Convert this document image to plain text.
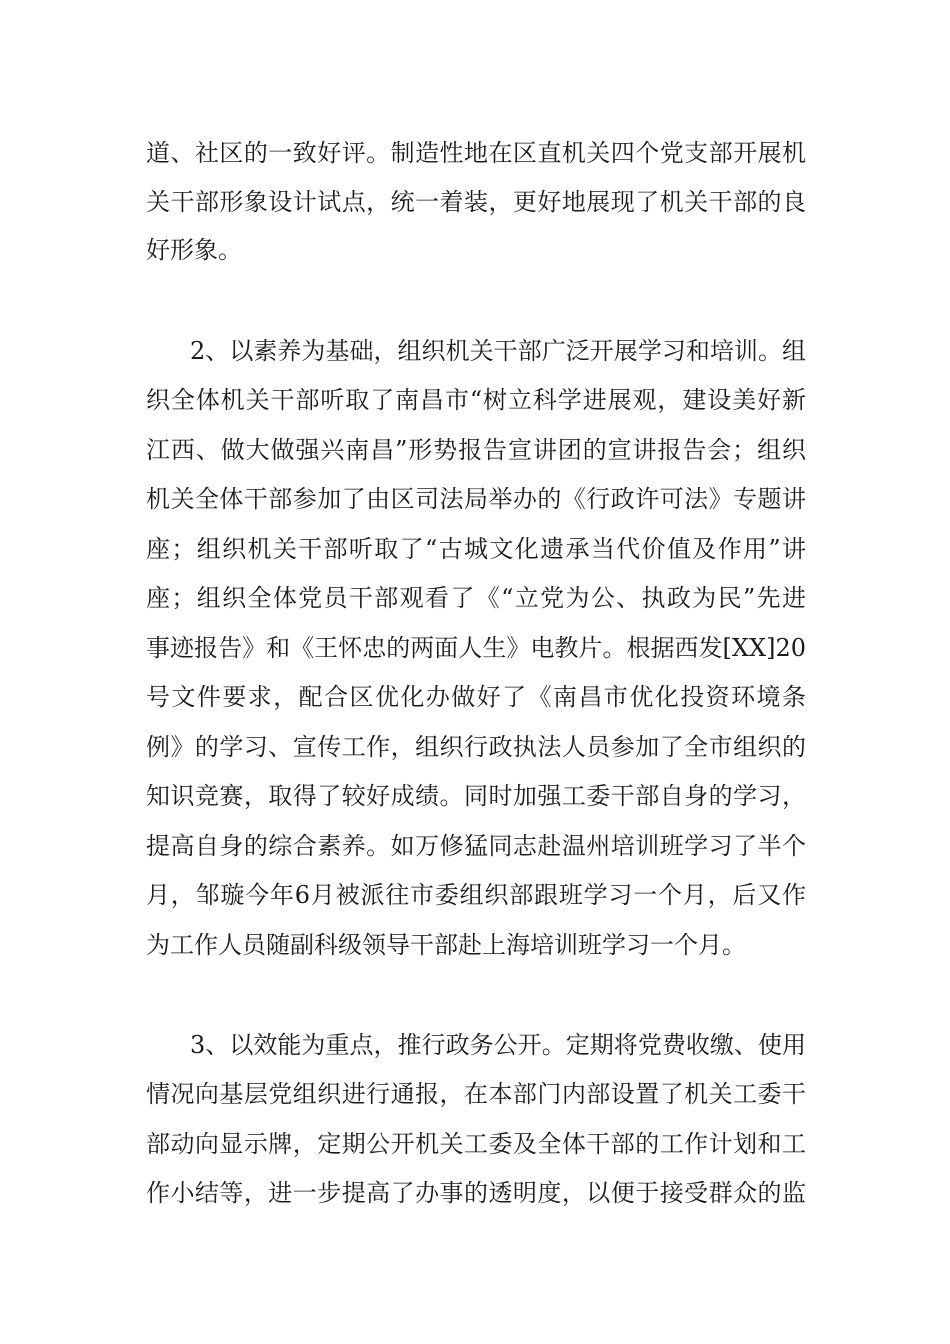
道、社区的一致好评。制造性地在区直机关四个党支部开展机
关干部形象设计试点，统一着装，更好地展现了机关干部的良
好形象。
2、以素养为基础，组织机关干部广泛开展学习和培训。组
织全体机关干部听取了南昌市“树立科学进展观，建设美好新
江西、做大做强兴南昌”形势报告宣讲团的宣讲报告会；组织
机关全体干部参加了由区司法局举办的《行政许可法》专题讲
座；组织机关干部听取了“古城文化遗承当代价值及作用”讲
座；组织全体党员干部观看了《“立党为公、执政为民”先进
事迹报告》和《王怀忠的两面人生》电教片。根据西发[XX]20
号文件要求，配合区优化办做好了《南昌市优化投资环境条
例》的学习、宣传工作，组织行政执法人员参加了全市组织的
知识竞赛，取得了较好成绩。同时加强工委干部自身的学习，
提高自身的综合素养。如万修猛同志赴温州培训班学习了半个
月，邹璇今年6月被派往市委组织部跟班学习一个月，后又作
为工作人员随副科级领导干部赴上海培训班学习一个月。
3、以效能为重点，推行政务公开。定期将党费收缴、使用
情况向基层党组织进行通报，在本部门内部设置了机关工委干
部动向显示牌，定期公开机关工委及全体干部的工作计划和工
作小结等，进一步提高了办事的透明度，以便于接受群众的监
